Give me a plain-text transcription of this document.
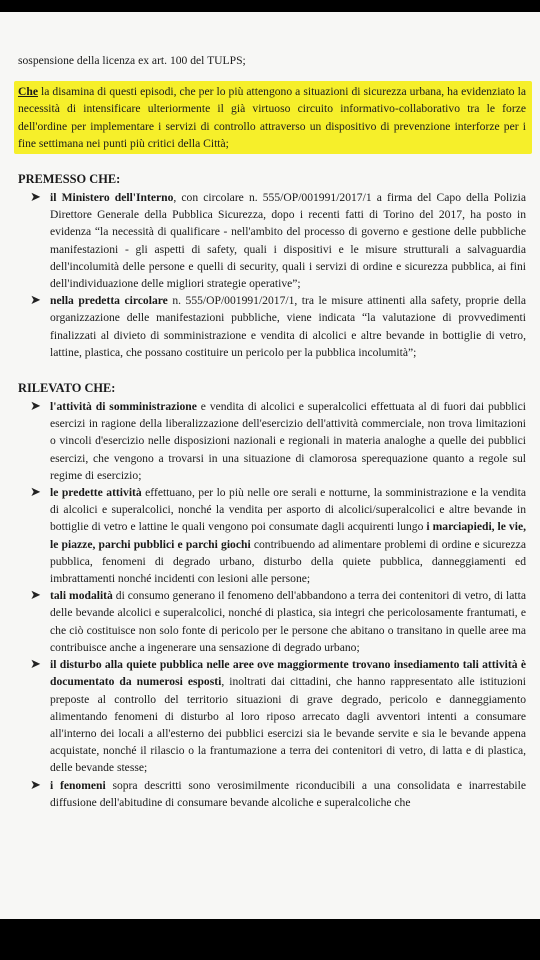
sospensione della licenza ex art. 100 del TULPS;

Che la disamina di questi episodi, che per lo più attengono a situazioni di sicurezza urbana, ha evidenziato la necessità di intensificare ulteriormente il già virtuoso circuito informativo-collaborativo tra le forze dell'ordine per implementare i servizi di controllo attraverso un dispositivo di prevenzione interforze per i fine settimana nei punti più critici della Città;

PREMESSO CHE:
➤ il Ministero dell'Interno, con circolare n. 555/OP/001991/2017/1 a firma del Capo della Polizia Direttore Generale della Pubblica Sicurezza, dopo i recenti fatti di Torino del 2017, ha posto in evidenza “la necessità di qualificare - nell'ambito del processo di governo e gestione delle pubbliche manifestazioni - gli aspetti di safety, quali i dispositivi e le misure strutturali a salvaguardia dell'incolumità delle persone e quelli di security, quali i servizi di ordine e sicurezza pubblica, ai fini dell'individuazione delle migliori strategie operative”;
➤ nella predetta circolare n. 555/OP/001991/2017/1, tra le misure attinenti alla safety, proprie della organizzazione delle manifestazioni pubbliche, viene indicata “la valutazione di provvedimenti finalizzati al divieto di somministrazione e vendita di alcolici e altre bevande in bottiglie di vetro, lattine, plastica, che possano costituire un pericolo per la pubblica incolumità”;
RILEVATO CHE:
➤ l'attività di somministrazione e vendita di alcolici e superalcolici effettuata al di fuori dai pubblici esercizi in ragione della liberalizzazione dell'esercizio dell'attività commerciale, non trova limitazioni o vincoli d'esercizio nelle disposizioni nazionali e regionali in materia analoghe a quelle dei pubblici esercizi, che vengono a trovarsi in una situazione di clamorosa sperequazione quanto a regole sul regime di esercizio;
➤ le predette attività effettuano, per lo più nelle ore serali e notturne, la somministrazione e la vendita di alcolici e superalcolici, nonché la vendita per asporto di alcolici/superalcolici e altre bevande in bottiglie di vetro e lattine le quali vengono poi consumate dagli acquirenti lungo i marciapiedi, le vie, le piazze, parchi pubblici e parchi giochi contribuendo ad alimentare problemi di ordine e sicurezza pubblica, fenomeni di degrado urbano, disturbo della quiete pubblica, danneggiamenti ed imbrattamenti nonché incidenti con lesioni alle persone;
➤ tali modalità di consumo generano il fenomeno dell'abbandono a terra dei contenitori di vetro, di latta delle bevande alcolici e superalcolici, nonché di plastica, sia integri che pericolosamente frantumati, e che ciò costituisce non solo fonte di pericolo per le persone che abitano o transitano in quelle aree ma contribuisce anche a ingenerare una sensazione di degrado urbano;
➤ il disturbo alla quiete pubblica nelle aree ove maggiormente trovano insediamento tali attività è documentato da numerosi esposti, inoltrati dai cittadini, che hanno rappresentato alle istituzioni preposte al controllo del territorio situazioni di grave degrado, pericolo e danneggiamento alimentando fenomeni di disturbo al loro riposo arrecato dagli avventori intenti a consumare all'interno dei locali a all'esterno dei pubblici esercizi sia le bevande servite e sia le bevande appena acquistate, nonché il rilascio o la frantumazione a terra dei contenitori di vetro, di latta e di plastica, delle bevande stesse;
➤ i fenomeni sopra descritti sono verosimilmente riconducibili a una consolidata e inarrestabile diffusione dell'abitudine di consumare bevande alcoliche e superalcoliche che
